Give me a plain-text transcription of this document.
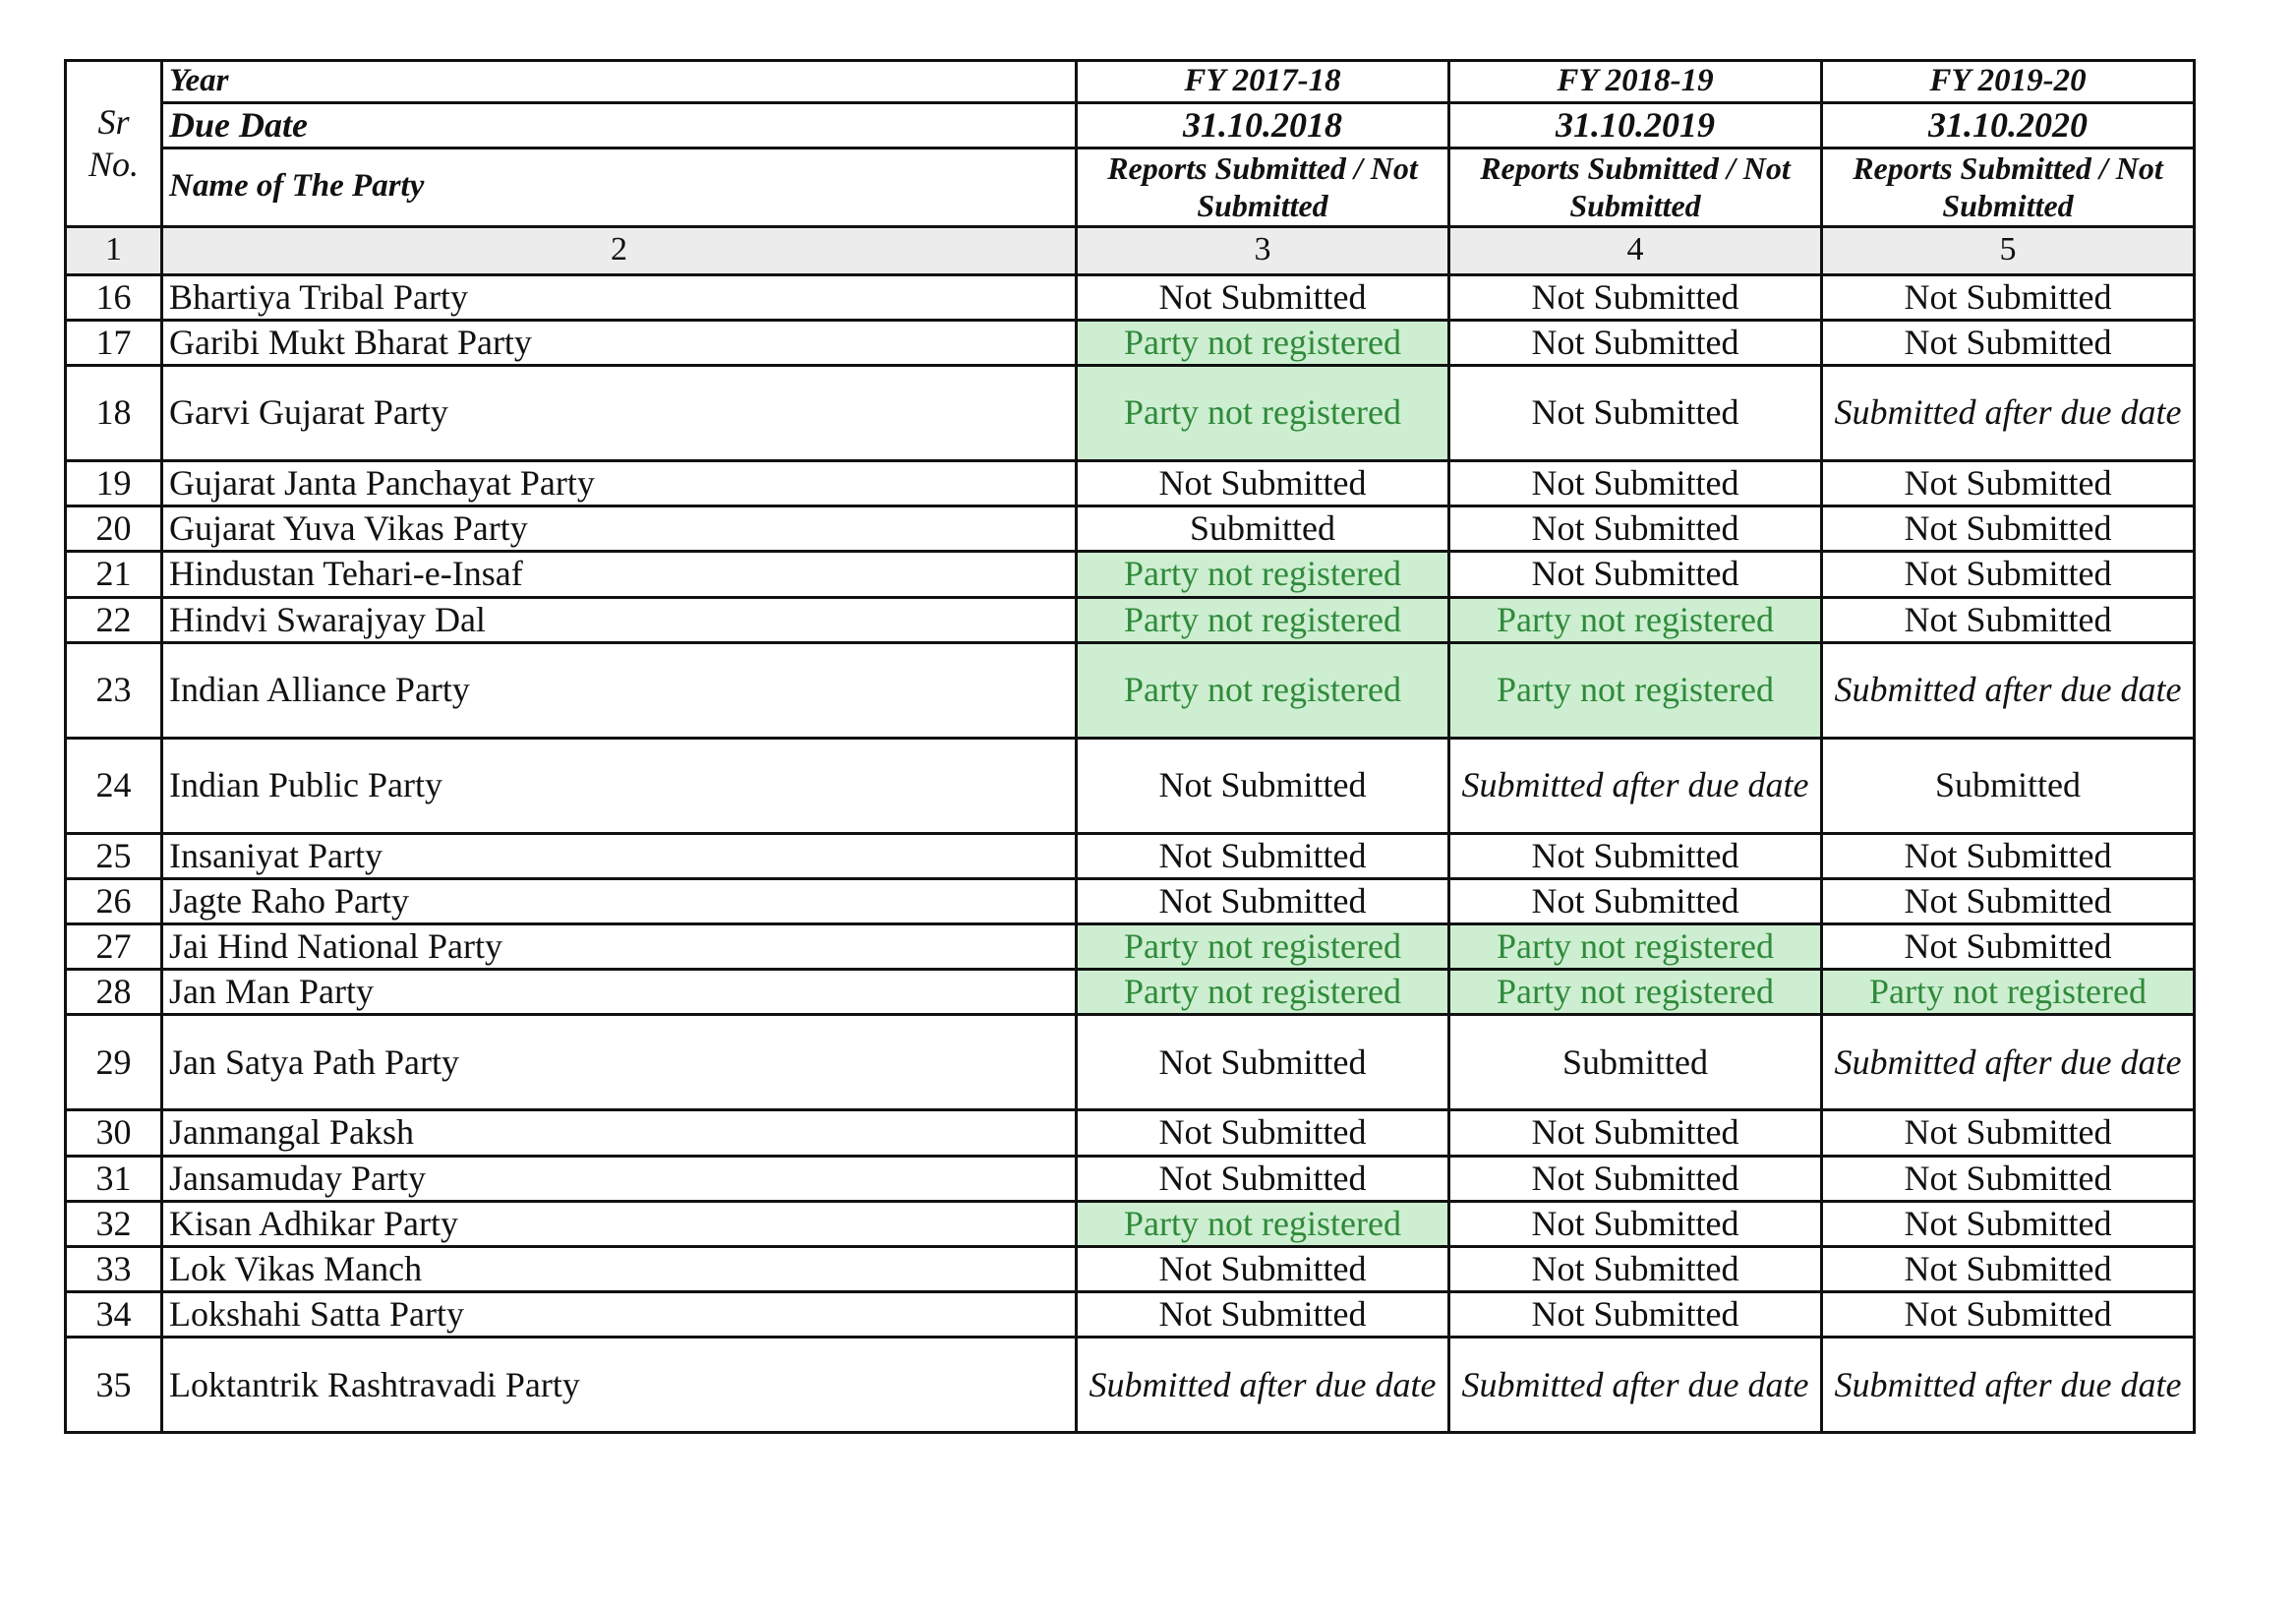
Sr No.	Year	FY 2017-18	FY 2018-19	FY 2019-20
	Due Date	31.10.2018	31.10.2019	31.10.2020
	Name of The Party	Reports Submitted / Not Submitted	Reports Submitted / Not Submitted	Reports Submitted / Not Submitted
1	2	3	4	5
16	Bhartiya Tribal Party	Not Submitted	Not Submitted	Not Submitted
17	Garibi Mukt Bharat Party	Party not registered	Not Submitted	Not Submitted
18	Garvi Gujarat Party	Party not registered	Not Submitted	Submitted after due date
19	Gujarat Janta Panchayat Party	Not Submitted	Not Submitted	Not Submitted
20	Gujarat Yuva Vikas Party	Submitted	Not Submitted	Not Submitted
21	Hindustan Tehari-e-Insaf	Party not registered	Not Submitted	Not Submitted
22	Hindvi Swarajyay Dal	Party not registered	Party not registered	Not Submitted
23	Indian Alliance Party	Party not registered	Party not registered	Submitted after due date
24	Indian Public Party	Not Submitted	Submitted after due date	Submitted
25	Insaniyat Party	Not Submitted	Not Submitted	Not Submitted
26	Jagte Raho Party	Not Submitted	Not Submitted	Not Submitted
27	Jai Hind National Party	Party not registered	Party not registered	Not Submitted
28	Jan Man Party	Party not registered	Party not registered	Party not registered
29	Jan Satya Path Party	Not Submitted	Submitted	Submitted after due date
30	Janmangal Paksh	Not Submitted	Not Submitted	Not Submitted
31	Jansamuday Party	Not Submitted	Not Submitted	Not Submitted
32	Kisan Adhikar Party	Party not registered	Not Submitted	Not Submitted
33	Lok Vikas Manch	Not Submitted	Not Submitted	Not Submitted
34	Lokshahi Satta Party	Not Submitted	Not Submitted	Not Submitted
35	Loktantrik Rashtravadi Party	Submitted after due date	Submitted after due date	Submitted after due date
